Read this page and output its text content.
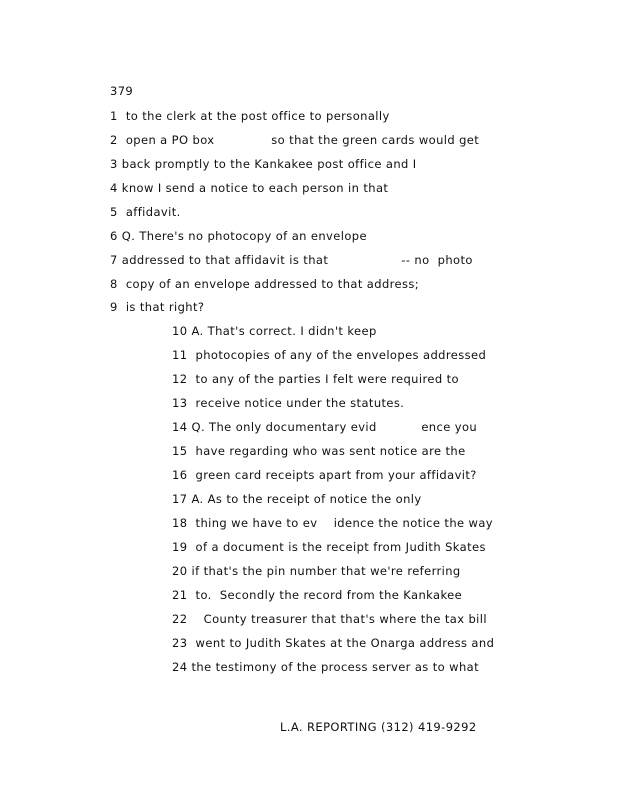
379
1  to the clerk at the post office to personally
2  open a PO box              so that the green cards would get
3 back promptly to the Kankakee post office and I
4 know I send a notice to each person in that
5  affidavit.
6 Q. There's no photocopy of an envelope
7 addressed to that affidavit is that                  -- no  photo
8  copy of an envelope addressed to that address;
9  is that right?
10 A. That's correct. I didn't keep
11  photocopies of any of the envelopes addressed
12  to any of the parties I felt were required to
13  receive notice under the statutes.
14 Q. The only documentary evid           ence you
15  have regarding who was sent notice are the
16  green card receipts apart from your affidavit?
17 A. As to the receipt of notice the only
18  thing we have to ev    idence the notice the way
19  of a document is the receipt from Judith Skates
20 if that's the pin number that we're referring
21  to.  Secondly the record from the Kankakee
22    County treasurer that that's where the tax bill
23  went to Judith Skates at the Onarga address and
24 the testimony of the process server as to what
L.A. REPORTING (312) 419-9292
